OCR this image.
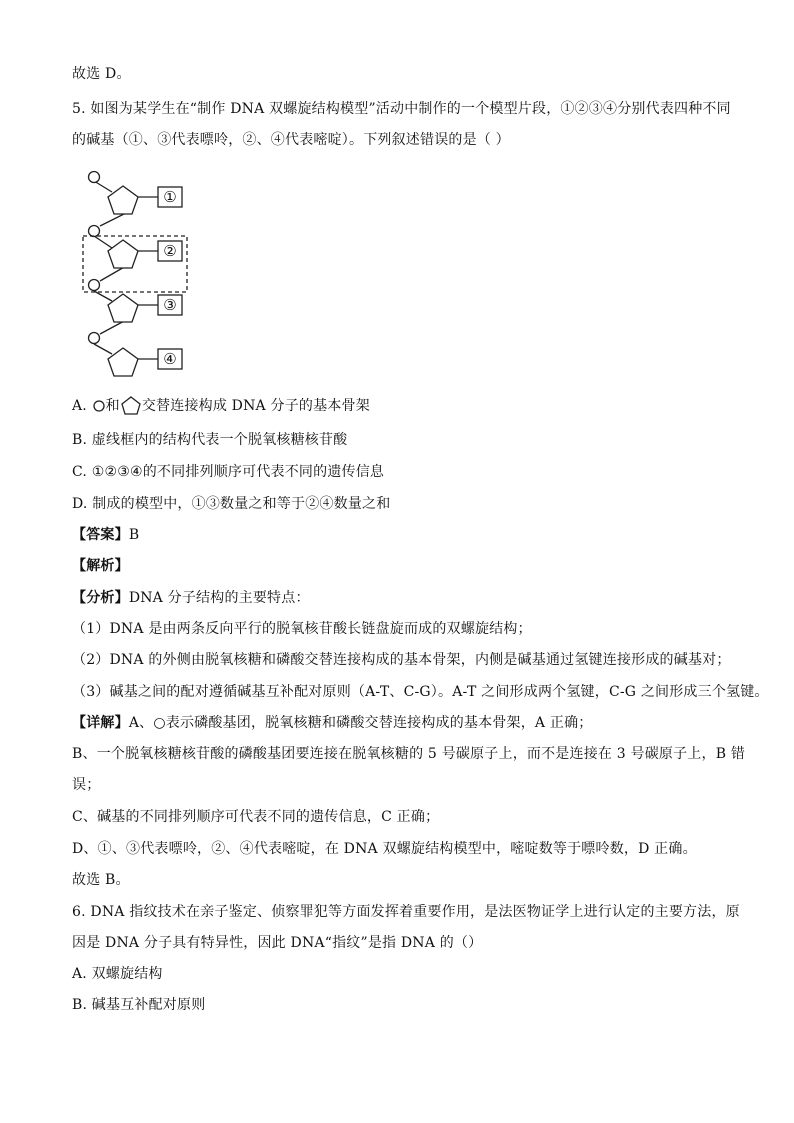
故选 D。
5. 如图为某学生在“制作 DNA 双螺旋结构模型”活动中制作的一个模型片段，①②③④分别代表四种不同
的碱基（①、③代表嘌呤，②、④代表嘧啶）。下列叙述错误的是（ ）
①
②
③
④
A. 和 交替连接构成 DNA 分子的基本骨架
B. 虚线框内的结构代表一个脱氧核糖核苷酸
C. ①②③④的不同排列顺序可代表不同的遗传信息
D. 制成的模型中，①③数量之和等于②④数量之和
【答案】B
【解析】
【分析】DNA 分子结构的主要特点：
（1）DNA 是由两条反向平行的脱氧核苷酸长链盘旋而成的双螺旋结构；
（2）DNA 的外侧由脱氧核糖和磷酸交替连接构成的基本骨架，内侧是碱基通过氢键连接形成的碱基对；
（3）碱基之间的配对遵循碱基互补配对原则（A-T、C-G）。A-T 之间形成两个氢键，C-G 之间形成三个氢键。
【详解】A、○表示磷酸基团，脱氧核糖和磷酸交替连接构成的基本骨架，A 正确；
B、一个脱氧核糖核苷酸的磷酸基团要连接在脱氧核糖的 5 号碳原子上，而不是连接在 3 号碳原子上，B 错
误；
C、碱基的不同排列顺序可代表不同的遗传信息，C 正确；
D、①、③代表嘌呤，②、④代表嘧啶，在 DNA 双螺旋结构模型中，嘧啶数等于嘌呤数，D 正确。
故选 B。
6. DNA 指纹技术在亲子鉴定、侦察罪犯等方面发挥着重要作用，是法医物证学上进行认定的主要方法，原
因是 DNA 分子具有特异性，因此 DNA“指纹”是指 DNA 的（）
A. 双螺旋结构
B. 碱基互补配对原则
